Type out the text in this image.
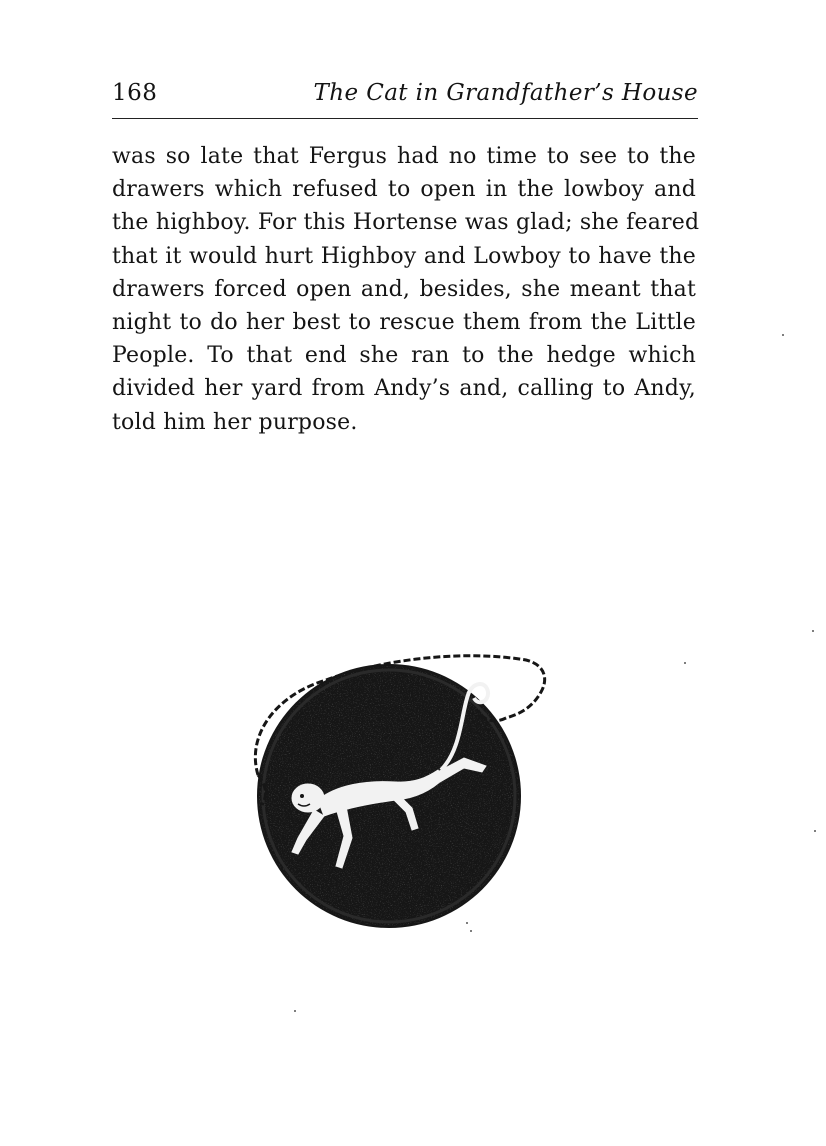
168	The Cat in Grandfather’s House
was so late that Fergus had no time to see to the
drawers which refused to open in the lowboy and
the highboy. For this Hortense was glad; she feared
that it would hurt Highboy and Lowboy to have the
drawers forced open and, besides, she meant that
night to do her best to rescue them from the Little
People. To that end she ran to the hedge which
divided her yard from Andy’s and, calling to Andy,
told him her purpose.
